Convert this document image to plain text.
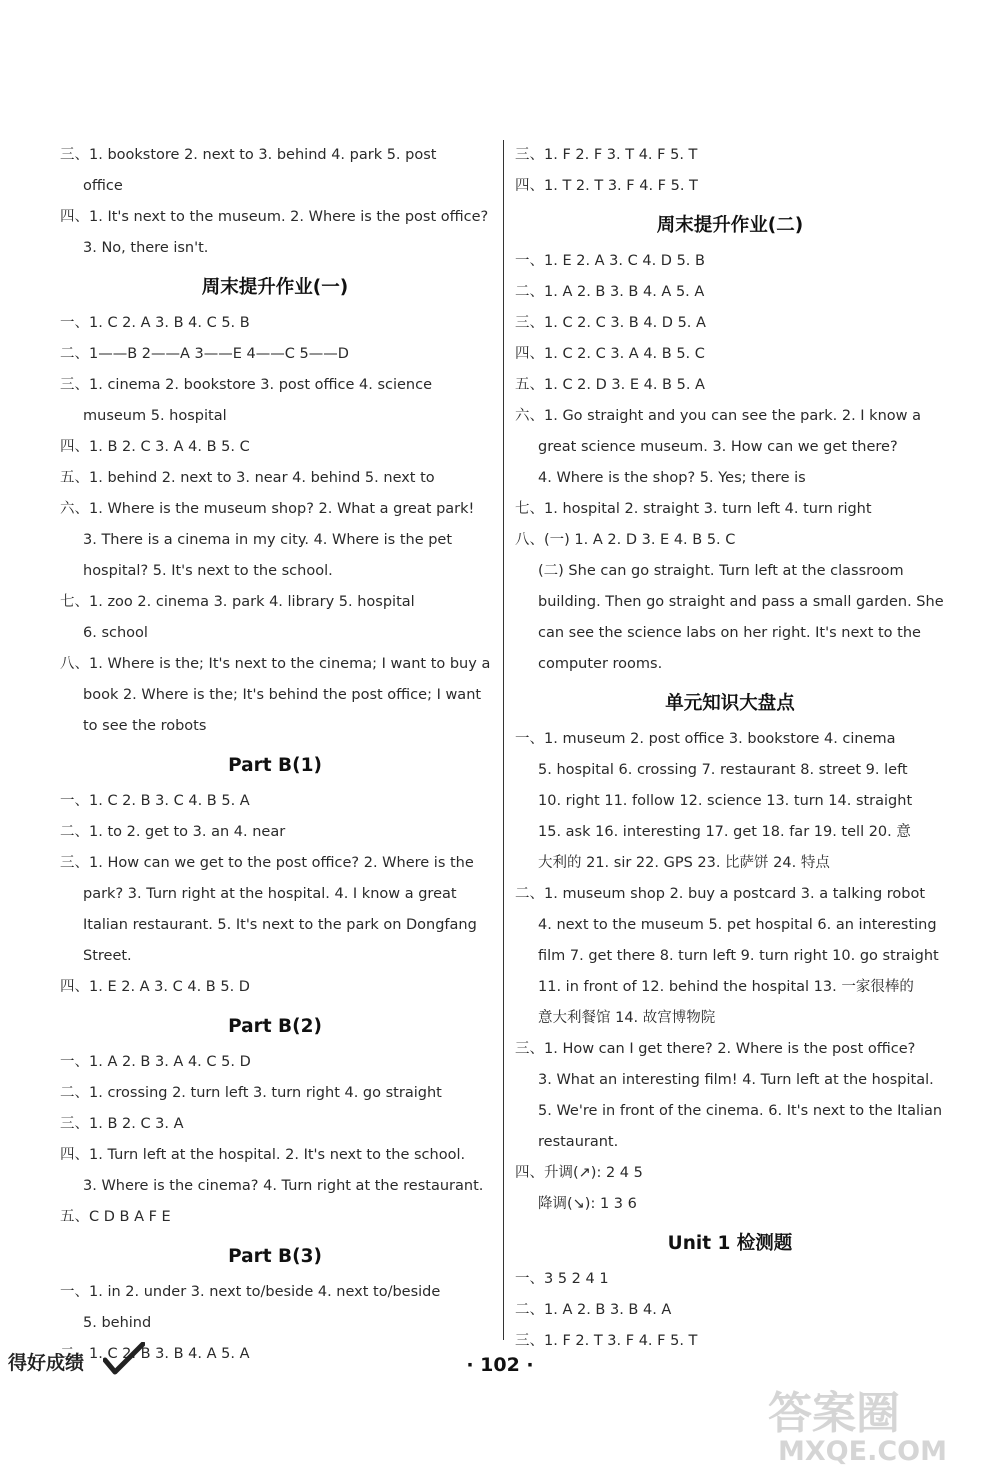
三、1. bookstore 2. next to 3. behind 4. park 5. post
office
四、1. It's next to the museum. 2. Where is the post office?
3. No, there isn't.
周末提升作业(一)
一、1. C 2. A 3. B 4. C 5. B
二、1——B 2——A 3——E 4——C 5——D
三、1. cinema 2. bookstore 3. post office 4. science
museum 5. hospital
四、1. B 2. C 3. A 4. B 5. C
五、1. behind 2. next to 3. near 4. behind 5. next to
六、1. Where is the museum shop? 2. What a great park!
3. There is a cinema in my city. 4. Where is the pet
hospital? 5. It's next to the school.
七、1. zoo 2. cinema 3. park 4. library 5. hospital
6. school
八、1. Where is the; It's next to the cinema; I want to buy a
book 2. Where is the; It's behind the post office; I want
to see the robots
Part B(1)
一、1. C 2. B 3. C 4. B 5. A
二、1. to 2. get to 3. an 4. near
三、1. How can we get to the post office? 2. Where is the
park? 3. Turn right at the hospital. 4. I know a great
Italian restaurant. 5. It's next to the park on Dongfang
Street.
四、1. E 2. A 3. C 4. B 5. D
Part B(2)
一、1. A 2. B 3. A 4. C 5. D
二、1. crossing 2. turn left 3. turn right 4. go straight
三、1. B 2. C 3. A
四、1. Turn left at the hospital. 2. It's next to the school.
3. Where is the cinema? 4. Turn right at the restaurant.
五、C D B A F E
Part B(3)
一、1. in 2. under 3. next to/beside 4. next to/beside
5. behind
二、1. C 2. B 3. B 4. A 5. A
三、1. F 2. F 3. T 4. F 5. T
四、1. T 2. T 3. F 4. F 5. T
周末提升作业(二)
一、1. E 2. A 3. C 4. D 5. B
二、1. A 2. B 3. B 4. A 5. A
三、1. C 2. C 3. B 4. D 5. A
四、1. C 2. C 3. A 4. B 5. C
五、1. C 2. D 3. E 4. B 5. A
六、1. Go straight and you can see the park. 2. I know a
great science museum. 3. How can we get there?
4. Where is the shop? 5. Yes; there is
七、1. hospital 2. straight 3. turn left 4. turn right
八、(一) 1. A 2. D 3. E 4. B 5. C
(二) She can go straight. Turn left at the classroom
building. Then go straight and pass a small garden. She
can see the science labs on her right. It's next to the
computer rooms.
单元知识大盘点
一、1. museum 2. post office 3. bookstore 4. cinema
5. hospital 6. crossing 7. restaurant 8. street 9. left
10. right 11. follow 12. science 13. turn 14. straight
15. ask 16. interesting 17. get 18. far 19. tell 20. 意
大利的 21. sir 22. GPS 23. 比萨饼 24. 特点
二、1. museum shop 2. buy a postcard 3. a talking robot
4. next to the museum 5. pet hospital 6. an interesting
film 7. get there 8. turn left 9. turn right 10. go straight
11. in front of 12. behind the hospital 13. 一家很棒的
意大利餐馆 14. 故宫博物院
三、1. How can I get there? 2. Where is the post office?
3. What an interesting film! 4. Turn left at the hospital.
5. We're in front of the cinema. 6. It's next to the Italian
restaurant.
四、升调(↗): 2 4 5
降调(↘): 1 3 6
Unit 1 检测题
一、3 5 2 4 1
二、1. A 2. B 3. B 4. A
三、1. F 2. T 3. F 4. F 5. T
得好成绩	· 102 ·
答案圈
MXQE.COM
